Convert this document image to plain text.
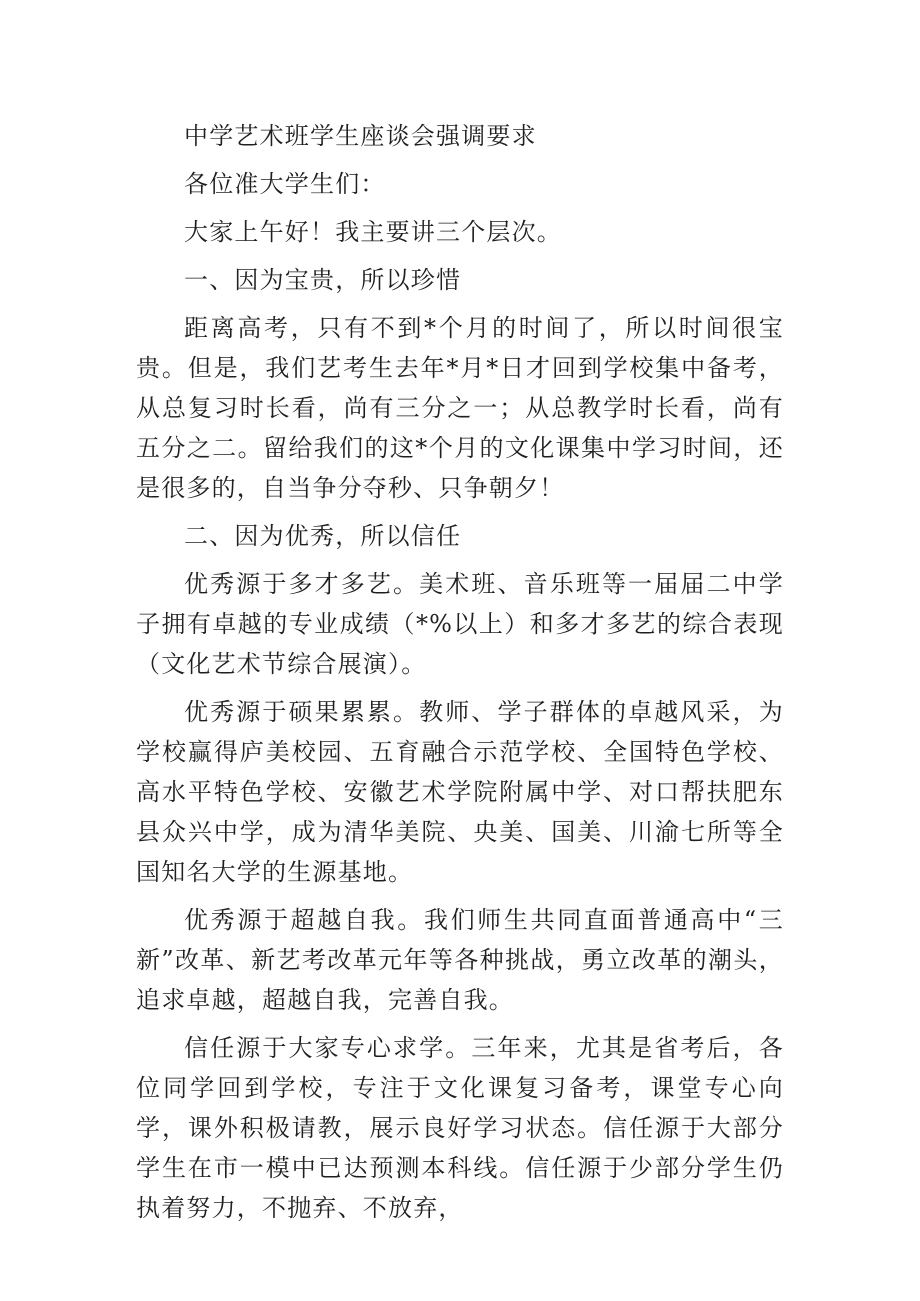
中学艺术班学生座谈会强调要求

各位准大学生们：

大家上午好！我主要讲三个层次。

一、因为宝贵，所以珍惜

距离高考，只有不到*个月的时间了，所以时间很宝贵。但是，我们艺考生去年*月*日才回到学校集中备考，从总复习时长看，尚有三分之一；从总教学时长看，尚有五分之二。留给我们的这*个月的文化课集中学习时间，还是很多的，自当争分夺秒、只争朝夕！

二、因为优秀，所以信任

优秀源于多才多艺。美术班、音乐班等一届届二中学子拥有卓越的专业成绩（*%以上）和多才多艺的综合表现（文化艺术节综合展演）。

优秀源于硕果累累。教师、学子群体的卓越风采，为学校赢得庐美校园、五育融合示范学校、全国特色学校、高水平特色学校、安徽艺术学院附属中学、对口帮扶肥东县众兴中学，成为清华美院、央美、国美、川渝七所等全国知名大学的生源基地。

优秀源于超越自我。我们师生共同直面普通高中“三新”改革、新艺考改革元年等各种挑战，勇立改革的潮头，追求卓越，超越自我，完善自我。

信任源于大家专心求学。三年来，尤其是省考后，各位同学回到学校，专注于文化课复习备考，课堂专心向学，课外积极请教，展示良好学习状态。信任源于大部分学生在市一模中已达预测本科线。信任源于少部分学生仍执着努力，不抛弃、不放弃，
